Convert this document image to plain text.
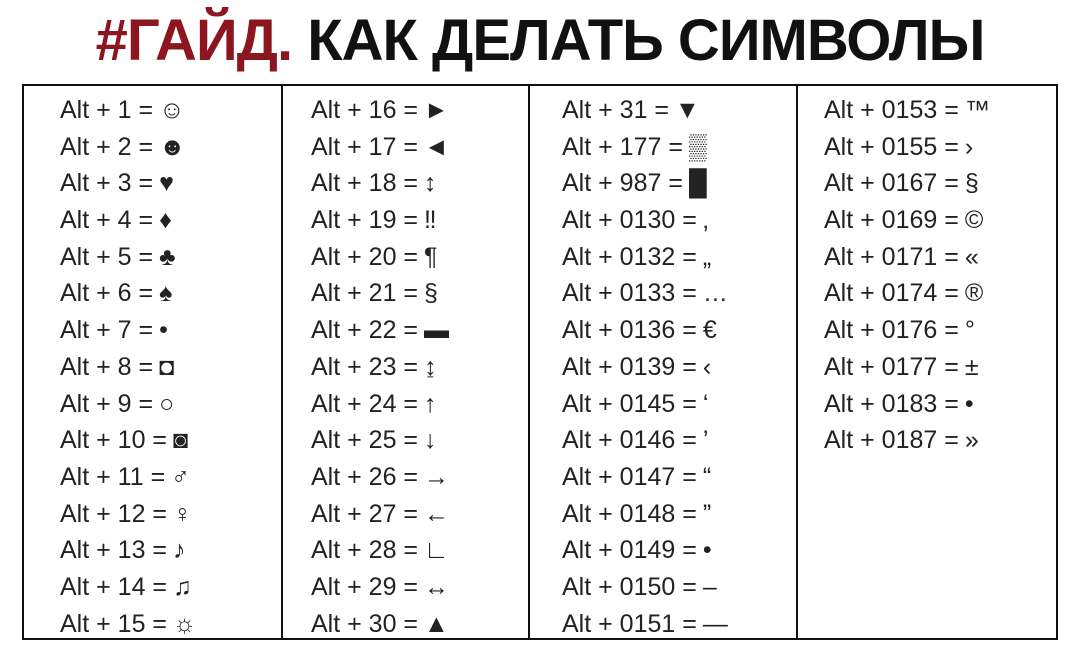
#ГАЙД. КАК ДЕЛАТЬ СИМВОЛЫ
Alt + 1 = ☺
Alt + 2 = ☻
Alt + 3 = ♥
Alt + 4 = ♦
Alt + 5 = ♣
Alt + 6 = ♠
Alt + 7 = •
Alt + 8 = ◘
Alt + 9 = ○
Alt + 10 = ◙
Alt + 11 = ♂
Alt + 12 = ♀
Alt + 13 = ♪
Alt + 14 = ♫
Alt + 15 = ☼
Alt + 16 = ►
Alt + 17 = ◄
Alt + 18 = ↕
Alt + 19 = ‼
Alt + 20 = ¶
Alt + 21 = §
Alt + 22 = ▬
Alt + 23 = ↨
Alt + 24 = ↑
Alt + 25 = ↓
Alt + 26 = →
Alt + 27 = ←
Alt + 28 = ∟
Alt + 29 = ↔
Alt + 30 = ▲
Alt + 31 = ▼
Alt + 177 = ▒
Alt + 987 = █
Alt + 0130 = ‚
Alt + 0132 = „
Alt + 0133 = …
Alt + 0136 = €
Alt + 0139 = ‹
Alt + 0145 = ‘
Alt + 0146 = ’
Alt + 0147 = “
Alt + 0148 = ”
Alt + 0149 = •
Alt + 0150 = –
Alt + 0151 = —
Alt + 0153 = ™
Alt + 0155 = ›
Alt + 0167 = §
Alt + 0169 = ©
Alt + 0171 = «
Alt + 0174 = ®
Alt + 0176 = °
Alt + 0177 = ±
Alt + 0183 = •
Alt + 0187 = »
